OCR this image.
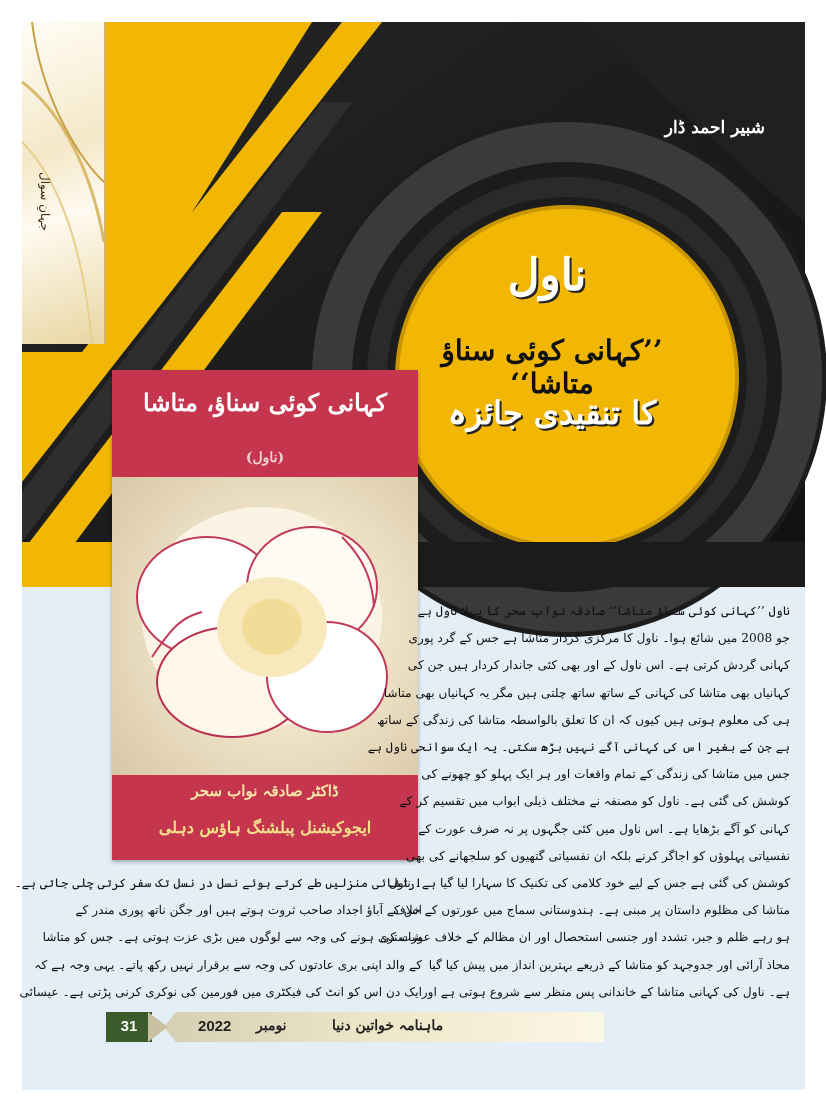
جہانِ سوال
شبیر احمد ڈار
ناول
’’کہانی کوئی سناؤ متاشا‘‘
کا تنقیدی جائزہ
کہانی کوئی سناؤ، متاشا
(ناول)
ڈاکٹر صادقہ نواب سحر
ایجوکیشنل پبلشنگ ہاؤس دہلی

ناول ’’کہانی کوئی سناؤ متاشا‘‘ صادقہ نواب سحر کا پہلا ناول ہے

جو 2008 میں شائع ہوا۔ ناول کا مرکزی کردار متاشا ہے جس کے گرد پوری

کہانی گردش کرتی ہے۔ اس ناول کے اور بھی کئی جاندار کردار ہیں جن کی

کہانیاں بھی متاشا کی کہانی کے ساتھ ساتھ چلتی ہیں مگر یہ کہانیاں بھی متاشا

ہی کی معلوم ہوتی ہیں کیوں کہ ان کا تعلق بالواسطہ متاشا کی زندگی کے ساتھ

ہے جن کے بغیر اس کی کہانی آگے نہیں بڑھ سکتی۔ یہ ایک سوانحی ناول ہے

جس میں متاشا کی زندگی کے تمام واقعات اور ہر ایک پہلو کو چھونے کی

کوشش کی گئی ہے۔ ناول کو مصنفہ نے مختلف ذیلی ابواب میں تقسیم کر کے

کہانی کو آگے بڑھایا ہے۔ اس ناول میں کئی جگہوں پر نہ صرف عورت کے

نفسیاتی پہلوؤں کو اجاگر کرنے بلکہ ان نفسیاتی گتھیوں کو سلجھانے کی بھی

کوشش کی گئی ہے جس کے لیے خود کلامی کی تکنیک کا سہارا لیا گیا ہے۔ ناول

متاشا کی مظلوم داستان پر مبنی ہے۔ ہندوستانی سماج میں عورتوں کے خلاف

ہو رہے ظلم و جبر، تشدد اور جنسی استحصال اور ان مظالم کے خلاف عورت کی

محاذ آرائی اور جدوجہد کو متاشا کے ذریعے بہترین انداز میں پیش کیا گیا

ہے۔ ناول کی کہانی متاشا کے خاندانی پس منظر سے شروع ہوتی ہے اور

ارتقائی منزلیں طے کرتے ہوئے نسل در نسل تک سفر کرتی چلی جاتی ہے۔

اس کے آباؤ اجداد صاحب ثروت ہوتے ہیں اور جگن ناتھ پوری مندر کے

شاستری ہونے کی وجہ سے لوگوں میں بڑی عزت ہوتی ہے۔ جس کو متاشا

کے والد اپنی بری عادتوں کی وجہ سے برقرار نہیں رکھ پاتے۔ یہی وجہ ہے کہ

ایک دن اس کو انٹ کی فیکٹری میں فورمین کی نوکری کرنی پڑتی ہے۔ عیسائی

31	2022 نومبر	ماہنامہ خواتین دنیا
